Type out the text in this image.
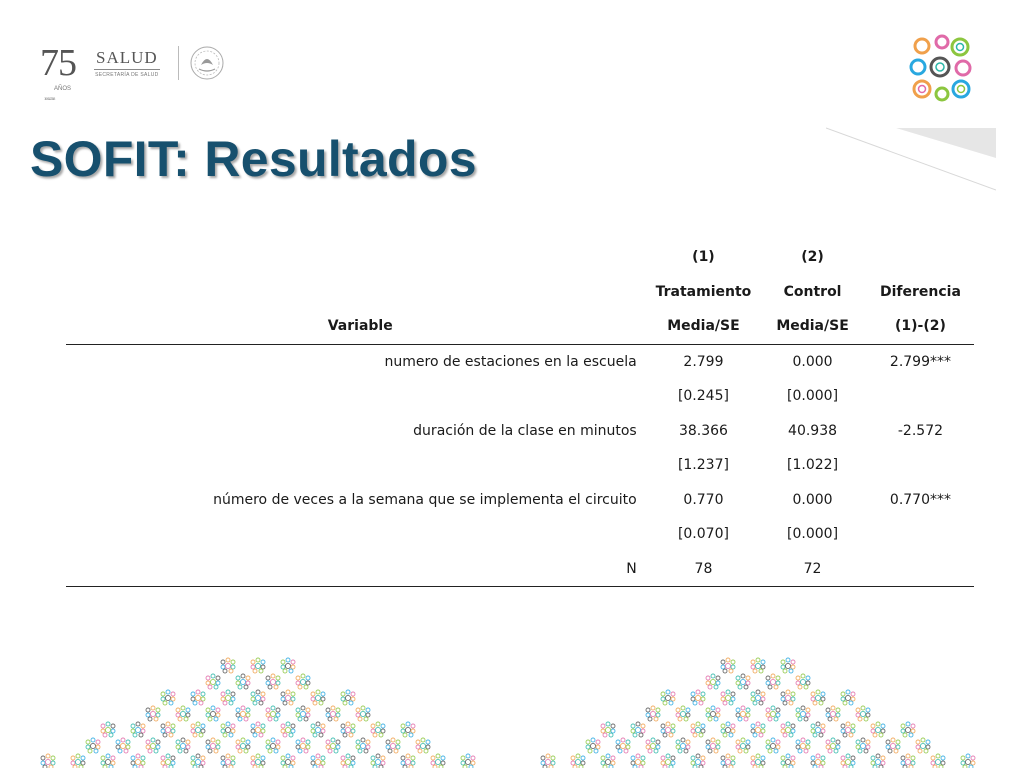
75
AÑOS
1943 - 2018
SALUD
SECRETARÍA DE SALUD
SOFIT: Resultados
	(1)	(2)	
	Tratamiento	Control	Diferencia
Variable	Media/SE	Media/SE	(1)-(2)
numero de estaciones en la escuela	2.799	0.000	2.799***
	[0.245]	[0.000]	
duración de la clase en minutos	38.366	40.938	-2.572
	[1.237]	[1.022]	
número de veces a la semana que se implementa el circuito	0.770	0.000	0.770***
	[0.070]	[0.000]	
N	78	72	
